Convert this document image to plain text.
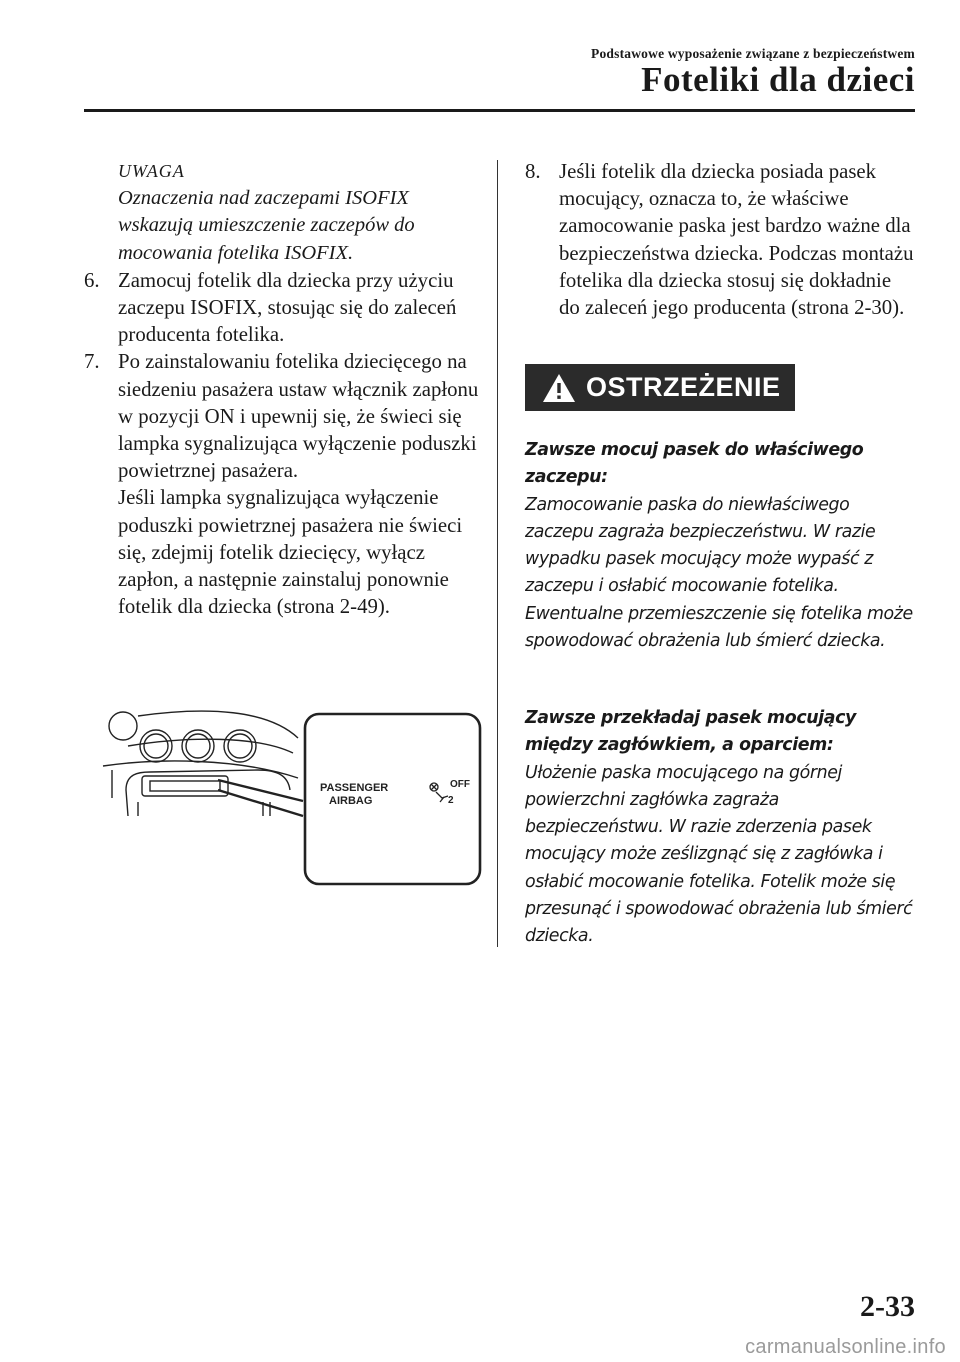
Podstawowe wyposażenie związane z bezpieczeństwem
Foteliki dla dzieci
UWAGA
Oznaczenia nad zaczepami ISOFIX wskazują umieszczenie zaczepów do mocowania fotelika ISOFIX.
6. Zamocuj fotelik dla dziecka przy użyciu zaczepu ISOFIX, stosując się do zaleceń producenta fotelika.

7. Po zainstalowaniu fotelika dziecięcego na siedzeniu pasażera ustaw włącznik zapłonu w pozycji ON i upewnij się, że świeci się lampka sygnalizująca wyłączenie poduszki powietrznej pasażera.

Jeśli lampka sygnalizująca wyłączenie poduszki powietrznej pasażera nie świeci się, zdejmij fotelik dziecięcy, wyłącz zapłon, a następnie zainstaluj ponownie fotelik dla dziecka (strona 2-49).

PASSENGER
AIRBAG
OFF
2
8. Jeśli fotelik dla dziecka posiada pasek mocujący, oznacza to, że właściwe zamocowanie paska jest bardzo ważne dla bezpieczeństwa dziecka. Podczas montażu fotelika dla dziecka stosuj się dokładnie do zaleceń jego producenta (strona 2-30).

OSTRZEŻENIE
Zawsze mocuj pasek do właściwego zaczepu:
Zamocowanie paska do niewłaściwego zaczepu zagraża bezpieczeństwu. W razie wypadku pasek mocujący może wypaść z zaczepu i osłabić mocowanie fotelika. Ewentualne przemieszczenie się fotelika może spowodować obrażenia lub śmierć dziecka.
Zawsze przekładaj pasek mocujący między zagłówkiem, a oparciem:
Ułożenie paska mocującego na górnej powierzchni zagłówka zagraża bezpieczeństwu. W razie zderzenia pasek mocujący może ześlizgnąć się z zagłówka i osłabić mocowanie fotelika. Fotelik może się przesunąć i spowodować obrażenia lub śmierć dziecka.
2-33
carmanualsonline.info
